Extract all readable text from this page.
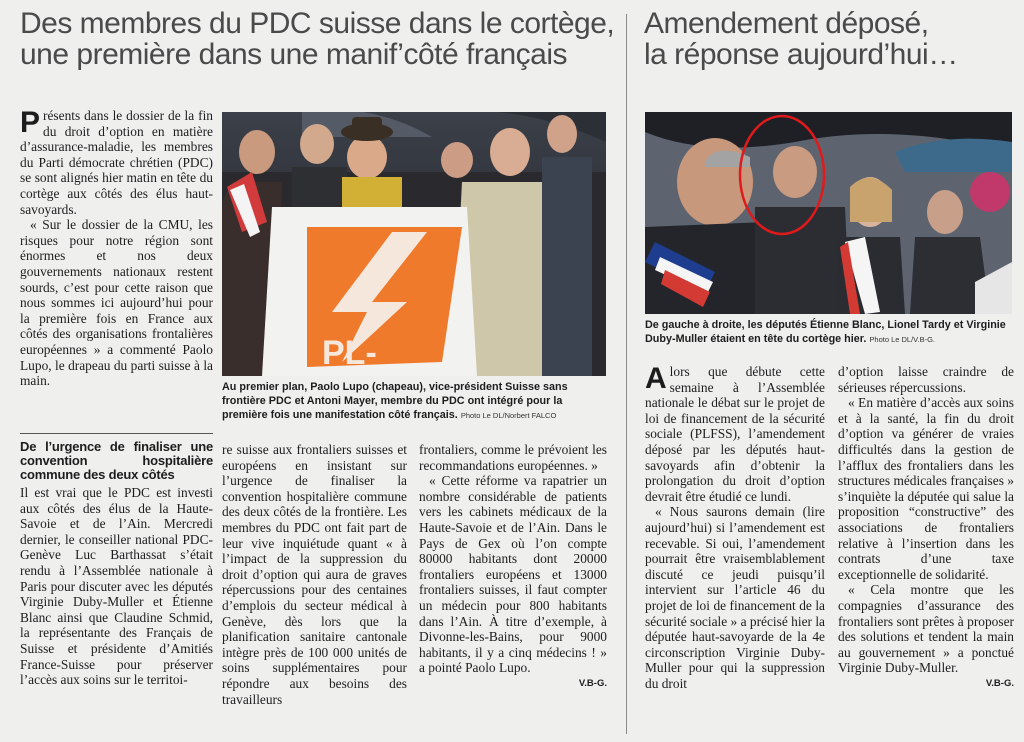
Des membres du PDC suisse dans le cortège,
une première dans une manif’côté français
Amendement déposé,
la réponse aujourd’hui…

Présents dans le dossier de la fin du droit d’option en matière d’assurance-maladie, les membres du Parti démocrate chrétien (PDC) se sont alignés hier matin en tête du cortège aux côtés des élus haut-savoyards.

« Sur le dossier de la CMU, les risques pour notre région sont énormes et nos deux gouvernements nationaux restent sourds, c’est pour cette raison que nous sommes ici aujourd’hui pour la première fois en France aux côtés des organisations frontalières européennes » a commenté Paolo Lupo, le drapeau du parti suisse à la main.

De l’urgence de finaliser une convention hospitalière commune des deux côtés

Il est vrai que le PDC est investi aux côtés des élus de la Haute-Savoie et de l’Ain. Mercredi dernier, le conseiller national PDC-Genève Luc Barthassat s’était rendu à l’Assemblée nationale à Paris pour discuter avec les députés Virginie Duby-Muller et Étienne Blanc ainsi que Claudine Schmid, la représentante des Français de Suisse et présidente d’Amitiés France-Suisse pour préserver l’accès aux soins sur le territoi-

PL-
Au premier plan, Paolo Lupo (chapeau), vice-président Suisse sans frontière PDC et Antoni Mayer, membre du PDC ont intégré pour la première fois une manifestation côté français. Photo Le DL/Norbert FALCO

re suisse aux frontaliers suisses et européens en insistant sur l’urgence de finaliser la convention hospitalière commune des deux côtés de la frontière. Les membres du PDC ont fait part de leur vive inquiétude quant « à l’impact de la suppression du droit d’option qui aura de graves répercussions pour des centaines d’emplois du secteur médical à Genève, dès lors que la planification sanitaire cantonale intègre près de 100 000 unités de soins supplémentaires pour répondre aux besoins des travailleurs

frontaliers, comme le prévoient les recommandations européennes. »

« Cette réforme va rapatrier un nombre considérable de patients vers les cabinets médicaux de la Haute-Savoie et de l’Ain. Dans le Pays de Gex où l’on compte 80000 habitants dont 20000 frontaliers européens et 13000 frontaliers suisses, il faut compter un médecin pour 800 habitants dans l’Ain. À titre d’exemple, à Divonne-les-Bains, pour 9000 habitants, il y a cinq médecins ! » a pointé Paolo Lupo.

V.B-G.
De gauche à droite, les députés Étienne Blanc, Lionel Tardy et Virginie Duby-Muller étaient en tête du cortège hier. Photo Le DL/V.B-G.

Alors que débute cette semaine à l’Assemblée nationale le débat sur le projet de loi de financement de la sécurité sociale (PLFSS), l’amendement déposé par les députés haut-savoyards afin d’obtenir la prolongation du droit d’option devrait être étudié ce lundi.

« Nous saurons demain (lire aujourd’hui) si l’amendement est recevable. Si oui, l’amendement pourrait être vraisemblablement discuté ce jeudi puisqu’il intervient sur l’article 46 du projet de loi de financement de la sécurité sociale » a précisé hier la députée haut-savoyarde de la 4e circonscription Virginie Duby-Muller pour qui la suppression du droit

d’option laisse craindre de sérieuses répercussions.

« En matière d’accès aux soins et à la santé, la fin du droit d’option va générer de vraies difficultés dans la gestion de l’afflux des frontaliers dans les structures médicales françaises » s’inquiète la députée qui salue la proposition “constructive” des associations de frontaliers relative à l’insertion dans les contrats d’une taxe exceptionnelle de solidarité.

« Cela montre que les compagnies d’assurance des frontaliers sont prêtes à proposer des solutions et tendent la main au gouvernement » a ponctué Virginie Duby-Muller.

V.B-G.
